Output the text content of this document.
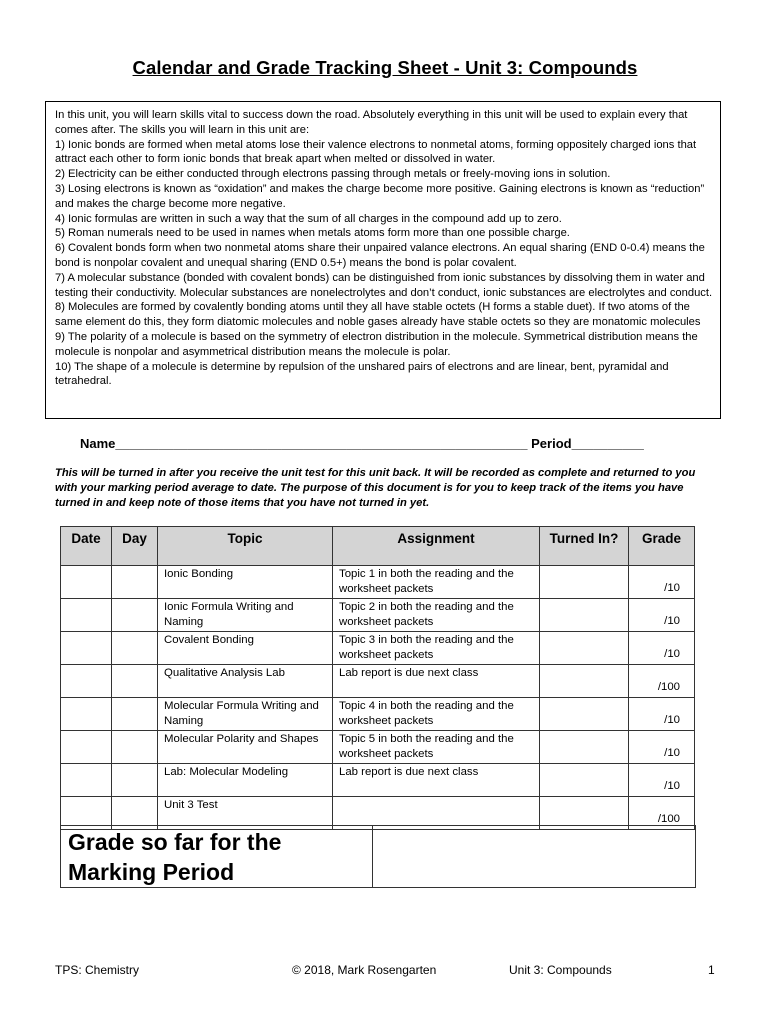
Calendar and Grade Tracking Sheet - Unit 3: Compounds

In this unit, you will learn skills vital to success down the road. Absolutely everything in this unit will be used to explain every that comes after. The skills you will learn in this unit are:

1) Ionic bonds are formed when metal atoms lose their valence electrons to nonmetal atoms, forming oppositely charged ions that attract each other to form ionic bonds that break apart when melted or dissolved in water.

2) Electricity can be either conducted through electrons passing through metals or freely-moving ions in solution.

3) Losing electrons is known as “oxidation” and makes the charge become more positive. Gaining electrons is known as “reduction” and makes the charge become more negative.

4) Ionic formulas are written in such a way that the sum of all charges in the compound add up to zero.

5) Roman numerals need to be used in names when metals atoms form more than one possible charge.

6) Covalent bonds form when two nonmetal atoms share their unpaired valance electrons. An equal sharing (END 0-0.4) means the bond is nonpolar covalent and unequal sharing (END 0.5+) means the bond is polar covalent.

7) A molecular substance (bonded with covalent bonds) can be distinguished from ionic substances by dissolving them in water and testing their conductivity. Molecular substances are nonelectrolytes and don’t conduct, ionic substances are electrolytes and conduct.

8) Molecules are formed by covalently bonding atoms until they all have stable octets (H forms a stable duet). If two atoms of the same element do this, they form diatomic molecules and noble gases already have stable octets so they are monatomic molecules

9) The polarity of a molecule is based on the symmetry of electron distribution in the molecule. Symmetrical distribution means the molecule is nonpolar and asymmetrical distribution means the molecule is polar.

10) The shape of a molecule is determine by repulsion of the unshared pairs of electrons and are linear, bent, pyramidal and tetrahedral.

Name_________________________________________________________ Period__________
This will be turned in after you receive the unit test for this unit back. It will be recorded as complete and returned to you with your marking period average to date. The purpose of this document is for you to keep track of the items you have turned in and keep note of those items that you have not turned in yet.
Date	Day	Topic	Assignment	Turned In?	Grade
		Ionic Bonding	Topic 1 in both the reading and the worksheet packets		/10
		Ionic Formula Writing and Naming	Topic 2 in both the reading and the worksheet packets		/10
		Covalent Bonding	Topic 3 in both the reading and the worksheet packets		/10
		Qualitative Analysis Lab	Lab report is due next class		/100
		Molecular Formula Writing and Naming	Topic 4 in both the reading and the worksheet packets		/10
		Molecular Polarity and Shapes	Topic 5 in both the reading and the worksheet packets		/10
		Lab: Molecular Modeling	Lab report is due next class		/10
		Unit 3 Test			/100
Grade so far for the Marking Period
TPS: Chemistry	© 2018, Mark Rosengarten	Unit 3: Compounds	1
